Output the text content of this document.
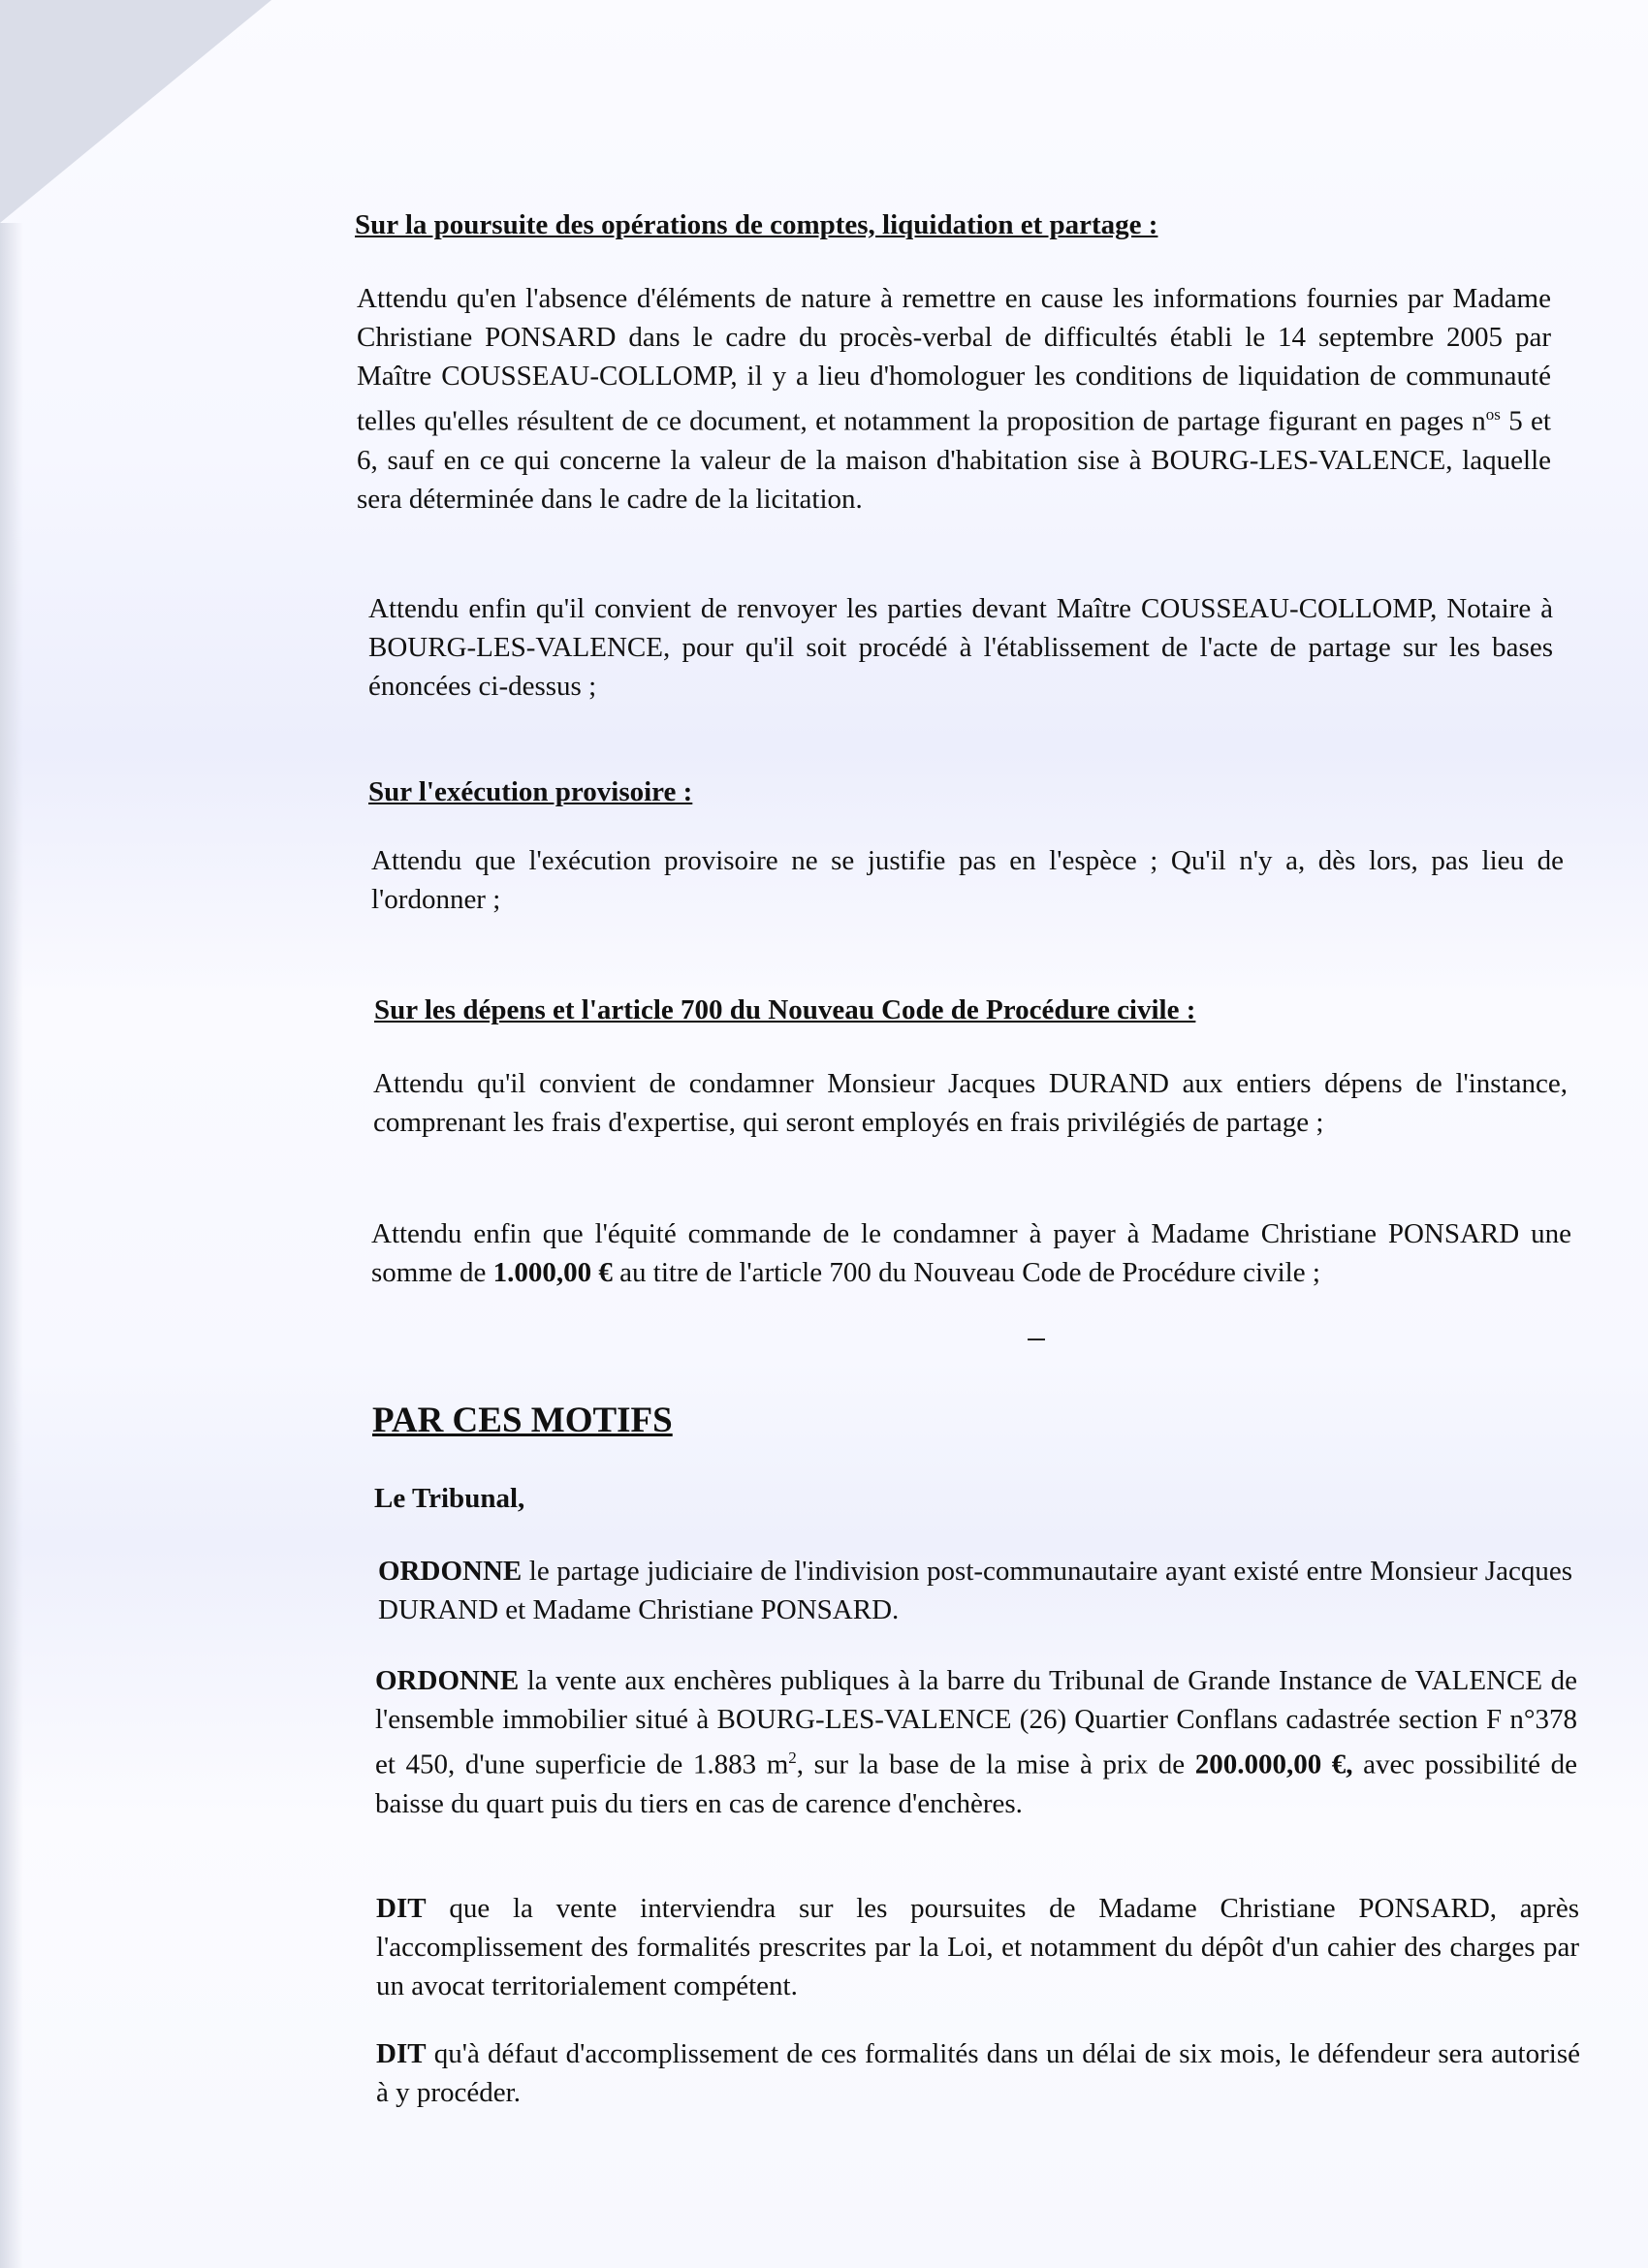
Sur la poursuite des opérations de comptes, liquidation et partage :

Attendu qu'en l'absence d'éléments de nature à remettre en cause les informations fournies par Madame Christiane PONSARD dans le cadre du procès-verbal de difficultés établi le 14 septembre 2005 par Maître COUSSEAU-COLLOMP, il y a lieu d'homologuer les conditions de liquidation de communauté telles qu'elles résultent de ce document, et notamment la proposition de partage figurant en pages $n^{os}$ 5 et 6, sauf en ce qui concerne la valeur de la maison d'habitation sise à BOURG-LES-VALENCE, laquelle sera déterminée dans le cadre de la licitation.

Attendu enfin qu'il convient de renvoyer les parties devant Maître COUSSEAU-COLLOMP, Notaire à BOURG-LES-VALENCE, pour qu'il soit procédé à l'établissement de l'acte de partage sur les bases énoncées ci-dessus ;

Sur l'exécution provisoire :

Attendu que l'exécution provisoire ne se justifie pas en l'espèce ; Qu'il n'y a, dès lors, pas lieu de l'ordonner ;

Sur les dépens et l'article 700 du Nouveau Code de Procédure civile :

Attendu qu'il convient de condamner Monsieur Jacques DURAND aux entiers dépens de l'instance, comprenant les frais d'expertise, qui seront employés en frais privilégiés de partage ;

Attendu enfin que l'équité commande de le condamner à payer à Madame Christiane PONSARD une somme de 1.000,00 € au titre de l'article 700 du Nouveau Code de Procédure civile ;

PAR CES MOTIFS

Le Tribunal,

ORDONNE le partage judiciaire de l'indivision post-communautaire ayant existé entre Monsieur Jacques DURAND et Madame Christiane PONSARD.

ORDONNE la vente aux enchères publiques à la barre du Tribunal de Grande Instance de VALENCE de l'ensemble immobilier situé à BOURG-LES-VALENCE (26) Quartier Conflans cadastrée section F n°378 et 450, d'une superficie de 1.883 $m^2$, sur la base de la mise à prix de 200.000,00 €, avec possibilité de baisse du quart puis du tiers en cas de carence d'enchères.

DIT que la vente interviendra sur les poursuites de Madame Christiane PONSARD, après l'accomplissement des formalités prescrites par la Loi, et notamment du dépôt d'un cahier des charges par un avocat territorialement compétent.

DIT qu'à défaut d'accomplissement de ces formalités dans un délai de six mois, le défendeur sera autorisé à y procéder.
